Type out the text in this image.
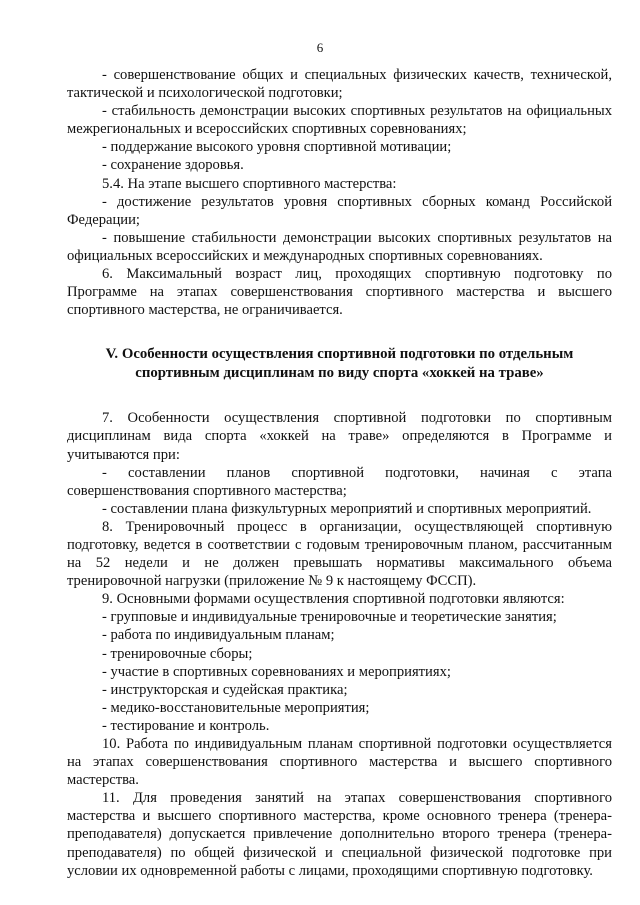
6

- совершенствование общих и специальных физических качеств, технической, тактической и психологической подготовки;

- стабильность демонстрации высоких спортивных результатов на официальных межрегиональных и всероссийских спортивных соревнованиях;

- поддержание высокого уровня спортивной мотивации;

- сохранение здоровья.

5.4. На этапе высшего спортивного мастерства:

- достижение результатов уровня спортивных сборных команд Российской Федерации;

- повышение стабильности демонстрации высоких спортивных результатов на официальных всероссийских и международных спортивных соревнованиях.

6. Максимальный возраст лиц, проходящих спортивную подготовку по Программе на этапах совершенствования спортивного мастерства и высшего спортивного мастерства, не ограничивается.

V. Особенности осуществления спортивной подготовки по отдельным
спортивным дисциплинам по виду спорта «хоккей на траве»

7. Особенности осуществления спортивной подготовки по спортивным дисциплинам вида спорта «хоккей на траве» определяются в Программе и учитываются при:

- составлении планов спортивной подготовки, начиная с этапа совершенствования спортивного мастерства;

- составлении плана физкультурных мероприятий и спортивных мероприятий.

8. Тренировочный процесс в организации, осуществляющей спортивную подготовку, ведется в соответствии с годовым тренировочным планом, рассчитанным на 52 недели и не должен превышать нормативы максимального объема тренировочной нагрузки (приложение № 9 к настоящему ФССП).

9. Основными формами осуществления спортивной подготовки являются:

- групповые и индивидуальные тренировочные и теоретические занятия;

- работа по индивидуальным планам;

- тренировочные сборы;

- участие в спортивных соревнованиях и мероприятиях;

- инструкторская и судейская практика;

- медико-восстановительные мероприятия;

- тестирование и контроль.

10. Работа по индивидуальным планам спортивной подготовки осуществляется на этапах совершенствования спортивного мастерства и высшего спортивного мастерства.

11. Для проведения занятий на этапах совершенствования спортивного мастерства и высшего спортивного мастерства, кроме основного тренера (тренера-преподавателя) допускается привлечение дополнительно второго тренера (тренера-преподавателя) по общей физической и специальной физической подготовке при условии их одновременной работы с лицами, проходящими спортивную подготовку.
